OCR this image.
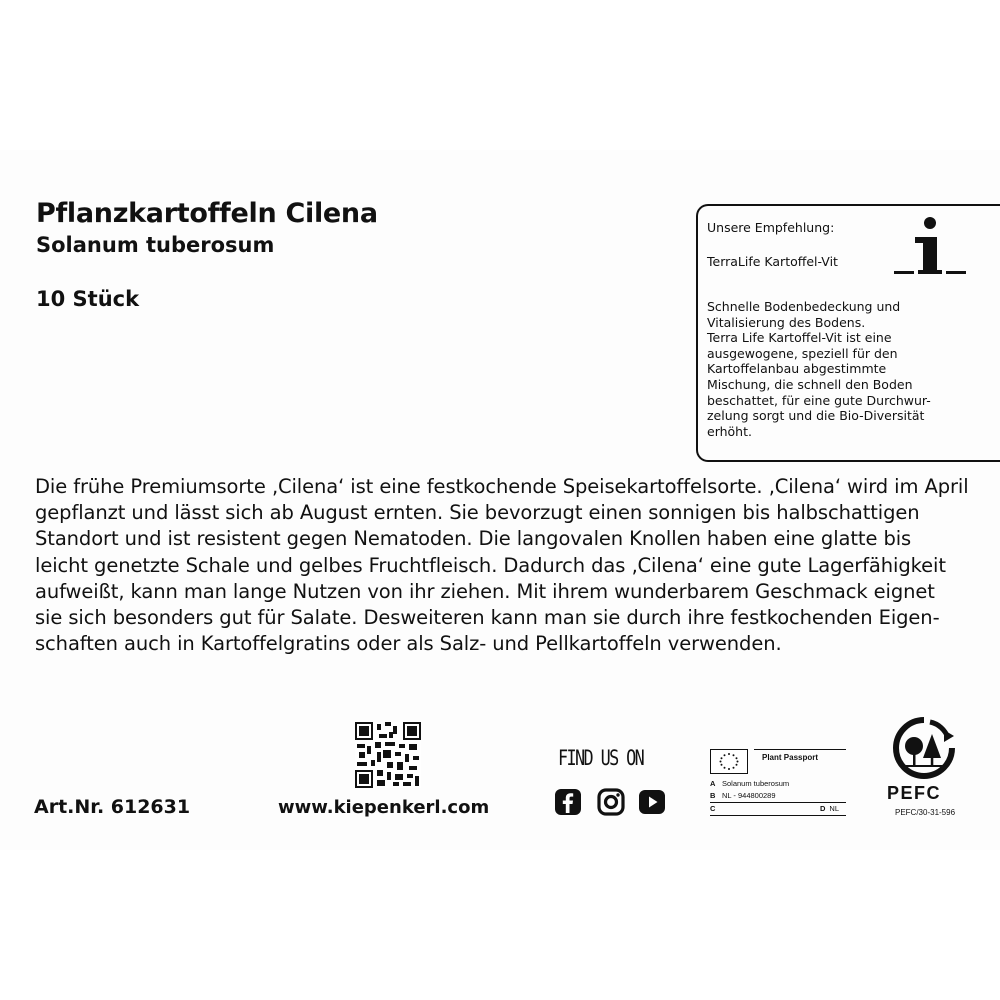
Pflanzkartoffeln Cilena
Solanum tuberosum
10 Stück
Unsere Empfehlung:
TerraLife Kartoffel-Vit
Schnelle Bodenbedeckung und
Vitalisierung des Bodens.
Terra Life Kartoffel-Vit ist eine
ausgewogene, speziell für den
Kartoffelanbau abgestimmte
Mischung, die schnell den Boden
beschattet, für eine gute Durchwur-
zelung sorgt und die Bio-Diversität
erhöht.
Die frühe Premiumsorte ‚Cilena‘ ist eine festkochende Speisekartoffelsorte. ‚Cilena‘ wird im April
gepflanzt und lässt sich ab August ernten. Sie bevorzugt einen sonnigen bis halbschattigen
Standort und ist resistent gegen Nematoden. Die langovalen Knollen haben eine glatte bis
leicht genetzte Schale und gelbes Fruchtfleisch. Dadurch das ‚Cilena‘ eine gute Lagerfähigkeit
aufweißt, kann man lange Nutzen von ihr ziehen. Mit ihrem wunderbarem Geschmack eignet
sie sich besonders gut für Salate. Desweiteren kann man sie durch ihre festkochenden Eigen-
schaften auch in Kartoffelgratins oder als Salz- und Pellkartoffeln verwenden.
Art.Nr. 612631	www.kiepenkerl.com
FIND US ON	Plant Passport
A Solanum tuberosum
B NL - 944800289
C	D NL
PEFC
PEFC/30-31-596
